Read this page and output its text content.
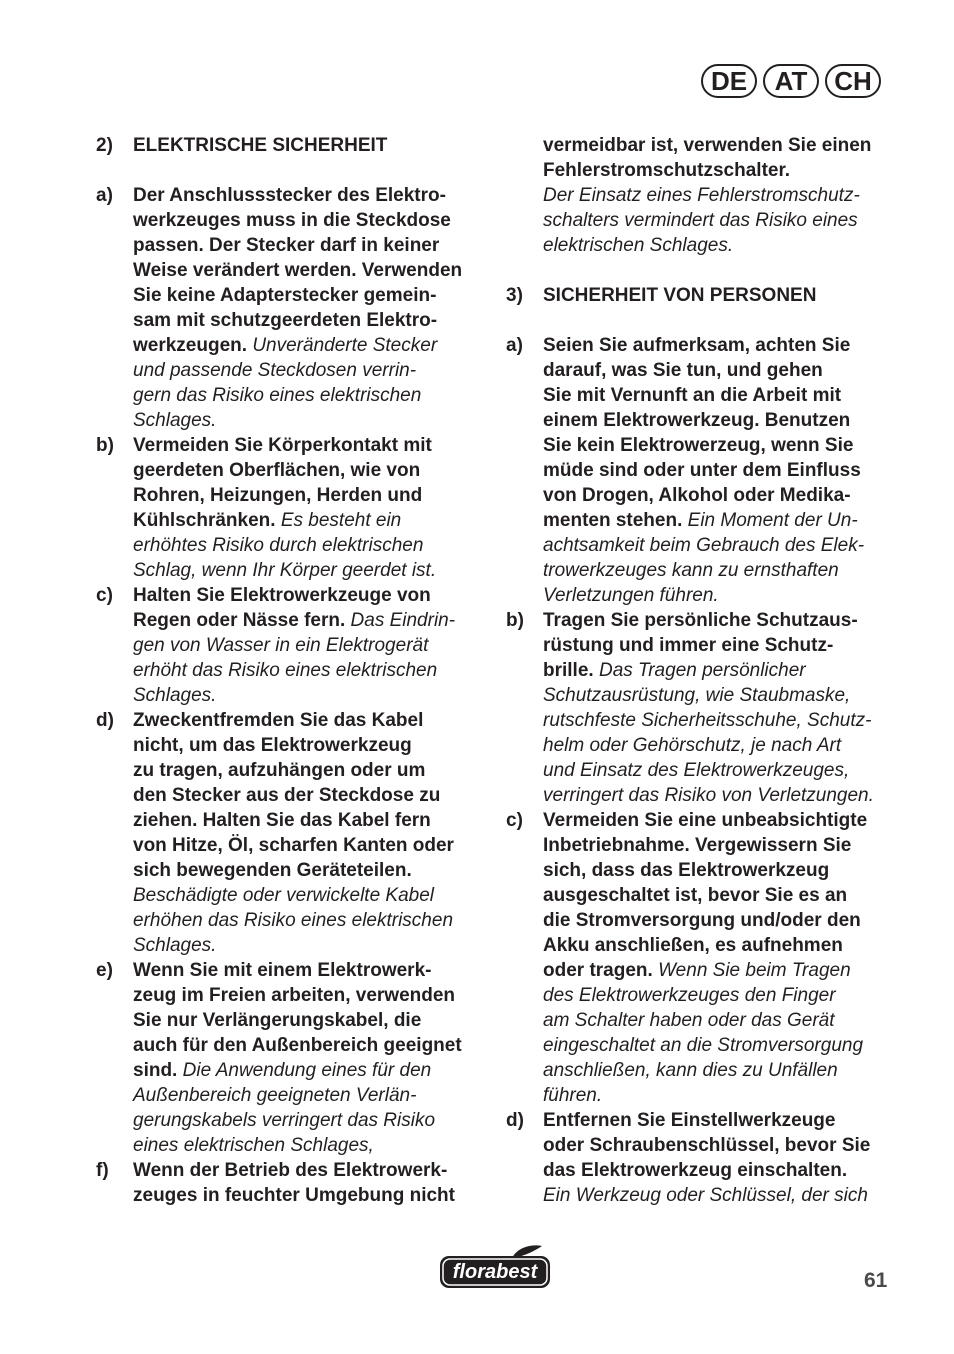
DE	AT	CH
2)	ELEKTRISCHE SICHERHEIT
a)	Der Anschlussstecker des Elektro-
werkzeuges muss in die Steckdose
passen. Der Stecker darf in keiner
Weise verändert werden. Verwenden
Sie keine Adapterstecker gemein-
sam mit schutzgeerdeten Elektro-
werkzeugen. Unveränderte Stecker
und passende Steckdosen verrin-
gern das Risiko eines elektrischen
Schlages.
b)	Vermeiden Sie Körperkontakt mit
geerdeten Oberflächen, wie von
Rohren, Heizungen, Herden und
Kühlschränken. Es besteht ein
erhöhtes Risiko durch elektrischen
Schlag, wenn Ihr Körper geerdet ist.
c)	Halten Sie Elektrowerkzeuge von
Regen oder Nässe fern. Das Eindrin-
gen von Wasser in ein Elektrogerät
erhöht das Risiko eines elektrischen
Schlages.
d)	Zweckentfremden Sie das Kabel
nicht, um das Elektrowerkzeug
zu tragen, aufzuhängen oder um
den Stecker aus der Steckdose zu
ziehen. Halten Sie das Kabel fern
von Hitze, Öl, scharfen Kanten oder
sich bewegenden Geräteteilen.
Beschädigte oder verwickelte Kabel
erhöhen das Risiko eines elektrischen
Schlages.
e)	Wenn Sie mit einem Elektrowerk-
zeug im Freien arbeiten, verwenden
Sie nur Verlängerungskabel, die
auch für den Außenbereich geeignet
sind. Die Anwendung eines für den
Außenbereich geeigneten Verlän-
gerungskabels verringert das Risiko
eines elektrischen Schlages,
f)	Wenn der Betrieb des Elektrowerk-
zeuges in feuchter Umgebung nicht
vermeidbar ist, verwenden Sie einen
Fehlerstromschutzschalter.
Der Einsatz eines Fehlerstromschutz-
schalters vermindert das Risiko eines
elektrischen Schlages.
3)	SICHERHEIT VON PERSONEN
a)	Seien Sie aufmerksam, achten Sie
darauf, was Sie tun, und gehen
Sie mit Vernunft an die Arbeit mit
einem Elektrowerkzeug. Benutzen
Sie kein Elektrowerzeug, wenn Sie
müde sind oder unter dem Einfluss
von Drogen, Alkohol oder Medika-
menten stehen. Ein Moment der Un-
achtsamkeit beim Gebrauch des Elek-
trowerkzeuges kann zu ernsthaften
Verletzungen führen.
b)	Tragen Sie persönliche Schutzaus-
rüstung und immer eine Schutz-
brille. Das Tragen persönlicher
Schutzausrüstung, wie Staubmaske,
rutschfeste Sicherheitsschuhe, Schutz-
helm oder Gehörschutz, je nach Art
und Einsatz des Elektrowerkzeuges,
verringert das Risiko von Verletzungen.
c)	Vermeiden Sie eine unbeabsichtigte
Inbetriebnahme. Vergewissern Sie
sich, dass das Elektrowerkzeug
ausgeschaltet ist, bevor Sie es an
die Stromversorgung und/oder den
Akku anschließen, es aufnehmen
oder tragen. Wenn Sie beim Tragen
des Elektrowerkzeuges den Finger
am Schalter haben oder das Gerät
eingeschaltet an die Stromversorgung
anschließen, kann dies zu Unfällen
führen.
d)	Entfernen Sie Einstellwerkzeuge
oder Schraubenschlüssel, bevor Sie
das Elektrowerkzeug einschalten.
Ein Werkzeug oder Schlüssel, der sich
florabest	61
